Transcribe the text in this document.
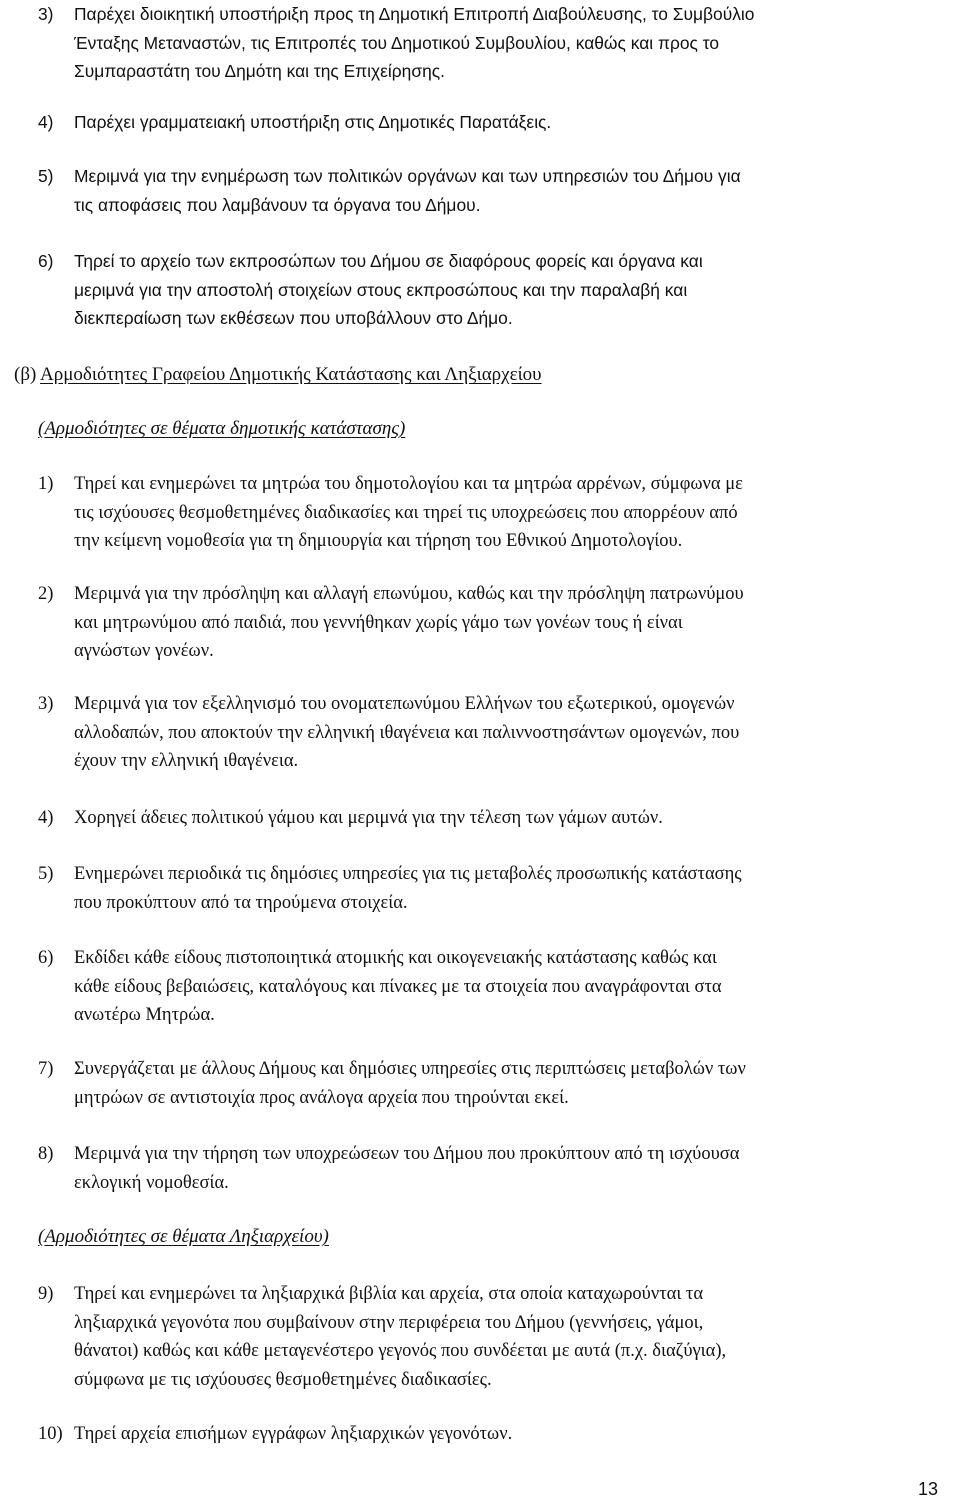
3) Παρέχει διοικητική υποστήριξη προς τη Δημοτική Επιτροπή Διαβούλευσης, το Συμβούλιο
Ένταξης Μεταναστών, τις Επιτροπές του Δημοτικού Συμβουλίου, καθώς και προς το
Συμπαραστάτη του Δημότη και της Επιχείρησης.
4) Παρέχει γραμματειακή υποστήριξη στις Δημοτικές Παρατάξεις.
5) Μεριμνά για την ενημέρωση των πολιτικών οργάνων και των υπηρεσιών του Δήμου για
τις αποφάσεις που λαμβάνουν τα όργανα του Δήμου.
6) Τηρεί το αρχείο των εκπροσώπων του Δήμου σε διαφόρους φορείς και όργανα και
μεριμνά για την αποστολή στοιχείων στους εκπροσώπους και την παραλαβή και
διεκπεραίωση των εκθέσεων που υποβάλλουν στο Δήμο.

(β) Αρμοδιότητες Γραφείου Δημοτικής Κατάστασης και Ληξιαρχείου

(Αρμοδιότητες σε θέματα δημοτικής κατάστασης)

1) Τηρεί και ενημερώνει τα μητρώα του δημοτολογίου και τα μητρώα αρρένων, σύμφωνα με
τις ισχύουσες θεσμοθετημένες διαδικασίες και τηρεί τις υποχρεώσεις που απορρέουν από
την κείμενη νομοθεσία για τη δημιουργία και τήρηση του Εθνικού Δημοτολογίου.
2) Μεριμνά για την πρόσληψη και αλλαγή επωνύμου, καθώς και την πρόσληψη πατρωνύμου
και μητρωνύμου από παιδιά, που γεννήθηκαν χωρίς γάμο των γονέων τους ή είναι
αγνώστων γονέων.
3) Μεριμνά για τον εξελληνισμό του ονοματεπωνύμου Ελλήνων του εξωτερικού, ομογενών
αλλοδαπών, που αποκτούν την ελληνική ιθαγένεια και παλιννοστησάντων ομογενών, που
έχουν την ελληνική ιθαγένεια.
4) Χορηγεί άδειες πολιτικού γάμου και μεριμνά για την τέλεση των γάμων αυτών.
5) Ενημερώνει περιοδικά τις δημόσιες υπηρεσίες για τις μεταβολές προσωπικής κατάστασης
που προκύπτουν από τα τηρούμενα στοιχεία.
6) Εκδίδει κάθε είδους πιστοποιητικά ατομικής και οικογενειακής κατάστασης καθώς και
κάθε είδους βεβαιώσεις, καταλόγους και πίνακες με τα στοιχεία που αναγράφονται στα
ανωτέρω Μητρώα.
7) Συνεργάζεται με άλλους Δήμους και δημόσιες υπηρεσίες στις περιπτώσεις μεταβολών των
μητρώων σε αντιστοιχία προς ανάλογα αρχεία που τηρούνται εκεί.
8) Μεριμνά για την τήρηση των υποχρεώσεων του Δήμου που προκύπτουν από τη ισχύουσα
εκλογική νομοθεσία.

(Αρμοδιότητες σε θέματα Ληξιαρχείου)

9) Τηρεί και ενημερώνει τα ληξιαρχικά βιβλία και αρχεία, στα οποία καταχωρούνται τα
ληξιαρχικά γεγονότα που συμβαίνουν στην περιφέρεια του Δήμου (γεννήσεις, γάμοι,
θάνατοι) καθώς και κάθε μεταγενέστερο γεγονός που συνδέεται με αυτά (π.χ. διαζύγια),
σύμφωνα με τις ισχύουσες θεσμοθετημένες διαδικασίες.
10) Τηρεί αρχεία επισήμων εγγράφων ληξιαρχικών γεγονότων.
13
